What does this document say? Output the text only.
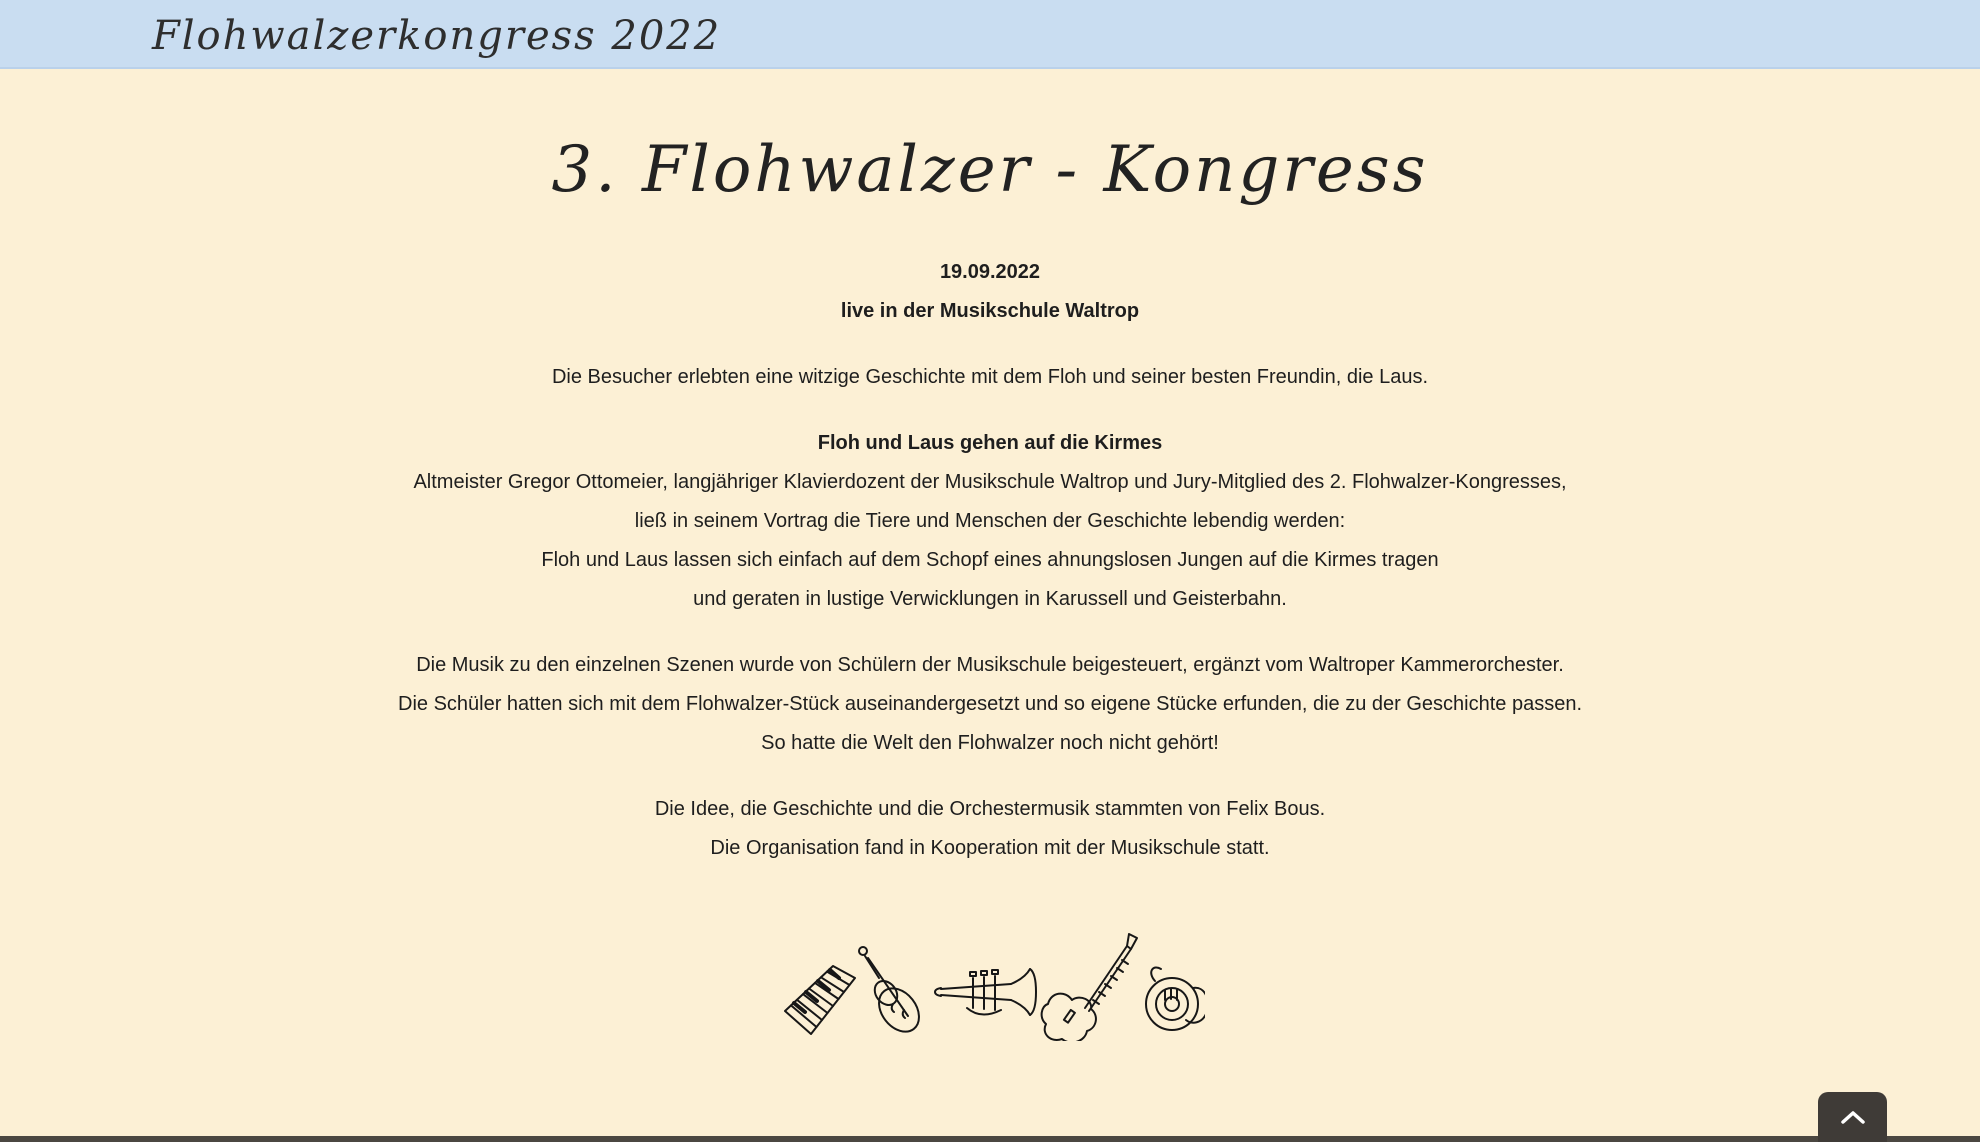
Flohwalzerkongress 2022
3. Flohwalzer - Kongress

19.09.2022
live in der Musikschule Waltrop

Die Besucher erlebten eine witzige Geschichte mit dem Floh und seiner besten Freundin, die Laus.

Floh und Laus gehen auf die Kirmes
Altmeister Gregor Ottomeier, langjähriger Klavierdozent der Musikschule Waltrop und Jury-Mitglied des 2. Flohwalzer-Kongresses,
ließ in seinem Vortrag die Tiere und Menschen der Geschichte lebendig werden:
Floh und Laus lassen sich einfach auf dem Schopf eines ahnungslosen Jungen auf die Kirmes tragen
und geraten in lustige Verwicklungen in Karussell und Geisterbahn.

Die Musik zu den einzelnen Szenen wurde von Schülern der Musikschule beigesteuert, ergänzt vom Waltroper Kammerorchester.
Die Schüler hatten sich mit dem Flohwalzer-Stück auseinandergesetzt und so eigene Stücke erfunden, die zu der Geschichte passen.
So hatte die Welt den Flohwalzer noch nicht gehört!

Die Idee, die Geschichte und die Orchestermusik stammten von Felix Bous.
Die Organisation fand in Kooperation mit der Musikschule statt.
